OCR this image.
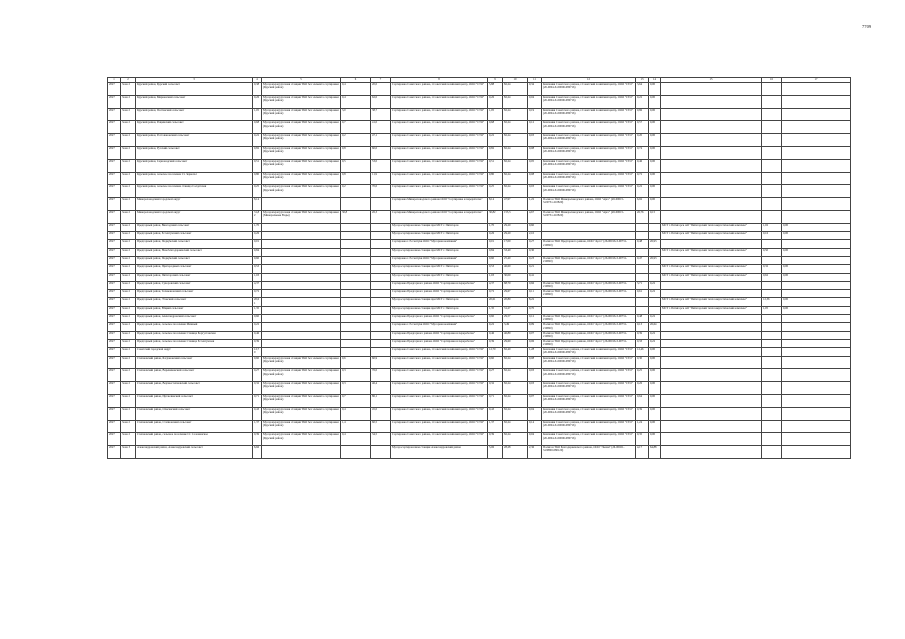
7709
1	2	3	4	5	6	7	8	9	10	11	12	13	14	15	16	17
2027	Зона 2	Курский район, Курский сельсовет	0,38	Мусороперегрузочная станция ТКО без элемента сортировки (Курский район)	0,4	20,0	Сортировка Советского района, г.Советский хозяйский центр, ООО "СТО"	5,88	82,24	0,34	Компания Советского района, г.Советский хозяйский центр, ООО "СТО" (26-0004-Х-00006-080716)	3,64	0,00			
2027	Зона 2	Курский район, Мирненский сельсовет	0,26	Мусороперегрузочная станция ТКО без элемента сортировки (Курский район)	0,4	62,0	Сортировка Советского района, г.Советский хозяйский центр, ООО "СТО"	0,26	82,24	0,04	Компания Советского района, г.Советский хозяйский центр, ООО "СТО" (26-0004-Х-00006-080716)	0,22	0,00			
2027	Зона 2	Курский район, Полтавский сельсовет	1,05	Мусороперегрузочная станция ТКО без элемента сортировки (Курский район)	3,0	38,7	Сортировка Советского района, г.Советский хозяйский центр, ООО "СТО"	1,05	82,24	0,19	Компания Советского района, г.Советский хозяйский центр, ООО "СТО" (26-0004-Х-00006-080716)	0,86	0,00			
2027	Зона 2	Курский район, Рощинский сельсовет	0,68	Мусороперегрузочная станция ТКО без элемента сортировки (Курский район)	0,7	41,0	Сортировка Советского района, г.Советский хозяйский центр, ООО "СТО"	0,68	82,24	0,12	Компания Советского района, г.Советский хозяйский центр, ООО "СТО" (26-0004-Х-00006-080716)	0,57	0,00			
2027	Зона 2	Курский район, Ростовановский сельсовет	0,22	Мусороперегрузочная станция ТКО без элемента сортировки (Курский район)	0,2	47,1	Сортировка Советского района, г.Советский хозяйский центр, ООО "СТО"	0,22	82,24	0,03	Компания Советского района, г.Советский хозяйский центр, ООО "СТО" (26-0004-Х-00006-080716)	0,20	0,00			
2027	Зона 2	Курский район, Русский сельсовет	0,82	Мусороперегрузочная станция ТКО без элемента сортировки (Курский район)	0,8	60,0	Сортировка Советского района, г.Советский хозяйский центр, ООО "СТО"	0,82	82,24	0,08	Компания Советского района, г.Советский хозяйский центр, ООО "СТО" (26-0004-Х-00006-080716)	0,74	0,00			
2027	Зона 2	Курский район, Серноводский сельсовет	0,51	Мусороперегрузочная станция ТКО без элемента сортировки (Курский район)	0,5	53,0	Сортировка Советского района, г.Советский хозяйский центр, ООО "СТО"	0,51	82,24	0,05	Компания Советского района, г.Советский хозяйский центр, ООО "СТО" (26-0004-Х-00006-080716)	0,46	0,00			
2027	Зона 2	Курский район, сельское поселение Ст. Зеркольт	0,80	Мусороперегрузочная станция ТКО без элемента сортировки (Курский район)	0,8	11,9	Сортировка Советского района, г.Советский хозяйский центр, ООО "СТО"	0,80	82,24	0,08	Компания Советского района, г.Советский хозяйский центр, ООО "СТО" (26-0004-Х-00006-080716)	0,72	0,00			
2027	Зона 2	Курский район, сельское поселение станица Солдатская	0,25	Мусороперегрузочная станция ТКО без элемента сортировки (Курский район)	0,2	70,0	Сортировка Советского района, г.Советский хозяйский центр, ООО "СТО"	0,25	82,24	0,03	Компания Советского района, г.Советский хозяйский центр, ООО "СТО" (26-0004-Х-00006-080716)	0,22	0,00			
2027	Зона 2	Минераловодский городской округ	8,14				Сортировка Минераловодского района ООО "Сортировка и переработка"	8,14	47,97	1,22	Полигон ТКО Минераловодского района, ООО "Арго" (26-00015-З-00731-210820)	6,92	0,00			
2027	Зона 2	Минераловодский городской округ	31,82	Мусороперегрузочная станция ТКО без элемента сортировки (Минеральные Воды)	30,8	26,3	Сортировка Минераловодского района ООО "Сортировка и переработка"	30,82	153,3	4,67	Полигон ТКО Минераловодского района, ООО "Арго" (26-00015-З-00731-210820)	26,76	0,15			
2027	Зона 2	Предгорный район, Винсадский сельсовет	1,70				Мусоросортировочная станция при МСТ г. Пятигорск	1,70	29,20	0,60				МСТ г. Пятигорск АО "Пятигорский теплоэнергетический комплекс"	1,02	0,00
2027	Зона 2	Предгорный район, Ессентукский сельсовет	0,26				Мусоросортировочная станция при МСТ г. Пятигорск	0,26	29,20	2,10				МСТ г. Пятигорск АО "Пятигорский теплоэнергетический комплекс"	0,16	0,00
2027	Зона 2	Предгорный район, Подкумский сельсовет	0,01				Сортировка г. Ессентуки ООО "Мусорная компания"	0,01	17,00	0,27	Полигон ТКО Предгорного района, ООО "Арго" (26-00016-З-00731-210820)	0,48	26,93			
2027	Зона 2	Предгорный район, Новоблагодарненский сельсовет	0,84				Мусоросортировочная станция при МСТ г. Пятигорск	0,84	33,40	0,30				МСТ г. Пятигорск АО "Пятигорский теплоэнергетический комплекс"	0,50	0,00
2027	Зона 2	Предгорный район, Подкумский сельсовет	0,60				Сортировка г. Ессентуки ООО "Мусорная компания"	0,60	25,40	0,23	Полигон ТКО Предгорного района, ООО "Арго" (26-00016-З-00731-210820)	0,47	26,93			
2027	Зона 2	Предгорный район, Пригородный сельсовет	0,53				Мусоросортировочная станция при МСТ г. Пятигорск	0,53	46,60	0,21				МСТ г. Пятигорск АО "Пятигорский теплоэнергетический комплекс"	0,32	0,00
2027	Зона 2	Предгорный район, Пятигорский сельсовет	1,03				Мусоросортировочная станция при МСТ г. Пятигорск	1,03	30,00	0,41				МСТ г. Пятигорск АО "Пятигорский теплоэнергетический комплекс"	0,62	0,00
2027	Зона 2	Предгорный район, Суворовский сельсовет	4,37				Сортировка Предгорного района ООО "Сортировка и переработка"	4,37	68,70	0,66	Полигон ТКО Предгорного района, ООО "Арго" (26-00016-З-00731-210820)	3,71	0,22			
2027	Зона 2	Предгорный район, Тельмановский сельсовет	0,72				Сортировка Предгорного района ООО "Сортировка и переработка"	0,72	29,67	0,11	Полигон ТКО Предгорного района, ООО "Арго" (26-00016-З-00731-210820)	0,61	0,22			
2027	Зона 2	Предгорный район, Этокский сельсовет	20,61				Мусоросортировочная станция при МСТ г. Пятигорск	20,61	20,80	8,22				МСТ г. Пятигорск АО "Пятигорский теплоэнергетический комплекс"	12,36	0,00
2027	Зона 2	Предгорный район, Юцкий сельсовет	1,35				Мусоросортировочная станция при МСТ г. Пятигорск	1,35	31,27	0,70				МСТ г. Пятигорск АО "Пятигорский теплоэнергетический комплекс"	1,05	0,00
2027	Зона 2	Предгорный район, Александровский сельсовет	0,60				Сортировка Предгорного района ООО "Сортировка и переработка"	0,60	29,57	0,12	Полигон ТКО Предгорного района, ООО "Арго" (26-00016-З-00731-210820)	0,48	0,22			
2027	Зона 2	Предгорный район, сельское поселение Минный	0,22				Сортировка г. Ессентуки ООО "Мусорная компания"	0,22	3,49	0,09	Полигон ТКО Предгорного района, ООО "Арго" (26-00016-З-00731-210820)	0,13	26,64			
2027	Зона 2	Предгорный район, сельское поселение Станица Боргустанская	0,46				Сортировка Предгорного района ООО "Сортировка и переработка"	0,46	46,89	0,07	Полигон ТКО Предгорного района, ООО "Арго" (26-00016-З-00731-210820)	0,39	0,22			
2027	Зона 2	Предгорный район, сельское поселение Станица Ессентукская	0,39				Сортировка Предгорного района ООО "Сортировка и переработка"	0,39	29,60	0,06	Полигон ТКО Предгорного района, ООО "Арго" (26-00016-З-00731-210820)	0,33	0,22			
2027	Зона 2	Советский городской округ	12,70				Сортировка Советского района, г.Советский хозяйский центр, ООО "СТО"	12,70	82,40	1,28	Компания Советского района, г.Советский хозяйский центр, ООО "СТО" (26-0004-Х-00006-080716)	12,46	0,00			
2027	Зона 2	Степновский район, Богдановский сельсовет	0,60	Мусороперегрузочная станция ТКО без элемента сортировки (Курский район)	0,6	60,9	Сортировка Советского района, г.Советский хозяйский центр, ООО "СТО"	0,60	82,24	0,08	Компания Советского района, г.Советский хозяйский центр, ООО "СТО" (26-0004-Х-00006-080716)	0,30	0,00			
2027	Зона 2	Степновский район, Варениковский сельсовет	0,27	Мусороперегрузочная станция ТКО без элемента сортировки (Курский район)	0,3	76,0	Сортировка Советского района, г.Советский хозяйский центр, ООО "СТО"	0,27	82,24	0,03	Компания Советского района, г.Советский хозяйский центр, ООО "СТО" (26-0004-Х-00006-080716)	0,25	0,00			
2027	Зона 2	Степновский район, Верхнестепновский сельсовет	0,32	Мусороперегрузочная станция ТКО без элемента сортировки (Курский район)	0,3	46,4	Сортировка Советского района, г.Советский хозяйский центр, ООО "СТО"	0,32	82,24	0,03	Компания Советского района, г.Советский хозяйский центр, ООО "СТО" (26-0004-Х-00006-080716)	0,26	0,00			
2027	Зона 2	Степновский район, Иргаклинский сельсовет	0,71	Мусороперегрузочная станция ТКО без элемента сортировки (Курский район)	0,7	86,1	Сортировка Советского района, г.Советский хозяйский центр, ООО "СТО"	0,71	82,24	0,07	Компания Советского района, г.Советский хозяйский центр, ООО "СТО" (26-0004-Х-00006-080716)	0,64	0,00			
2027	Зона 2	Степновский район, Ольгинский сельсовет	0,43	Мусороперегрузочная станция ТКО без элемента сортировки (Курский район)	0,4	45,0	Сортировка Советского района, г.Советский хозяйский центр, ООО "СТО"	0,43	82,24	0,04	Компания Советского района, г.Советский хозяйский центр, ООО "СТО" (26-0004-Х-00006-080716)	0,39	0,00			
2027	Зона 2	Степновский район, Степновский сельсовет	1,37	Мусороперегрузочная станция ТКО без элемента сортировки (Курский район)	1,4	60,5	Сортировка Советского района, г.Советский хозяйский центр, ООО "СТО"	1,37	82,24	0,14	Компания Советского района, г.Советский хозяйский центр, ООО "СТО" (26-0004-Х-00006-080716)	1,24	0,00			
2027	Зона 2	Степновский район, сельское поселение Ст. Соломенское	0,39	Мусороперегрузочная станция ТКО без элемента сортировки (Курский район)	0,4	34,5	Сортировка Советского района, г.Советский хозяйский центр, ООО "СТО"	0,39	82,24	0,04	Компания Советского района, г.Советский хозяйский центр, ООО "СТО" (26-0004-Х-00006-080716)	0,35	0,00			
2027	Зона 3	Александровский район, Александровский сельсовет	6,66				Мусоросортировочная станция Александровский район	5,06	28,28	2,36	Полигон ТКО Благодарненского района, ООО "Экоми" (26-00021-З-00800-080120)	4,17	64,88			
